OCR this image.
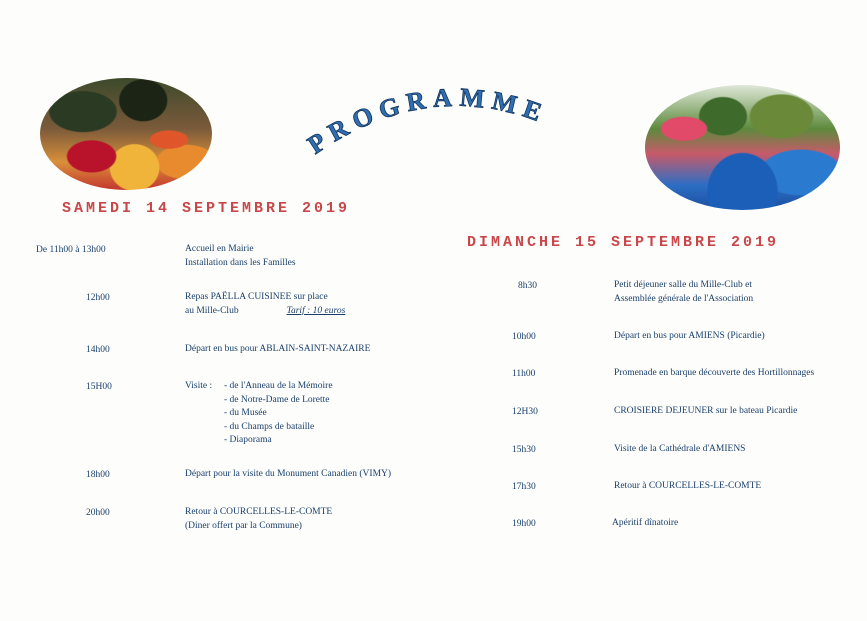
PROGRAMME
SAMEDI 14 SEPTEMBRE 2019
De 11h00 à 13h00	Accueil en Mairie
Installation dans les Familles
12h00	Repas PAËLLA CUISINEE sur place
au Mille-Club	Tarif : 10 euros
14h00	Départ en bus pour ABLAIN-SAINT-NAZAIRE
15H00	Visite : - de l'Anneau de la Mémoire
- de Notre-Dame de Lorette
- du Musée
- du Champs de bataille
- Diaporama
18h00	Départ pour la visite du Monument Canadien (VIMY)
20h00	Retour à COURCELLES-LE-COMTE
(Diner offert par la Commune)
DIMANCHE 15 SEPTEMBRE 2019
8h30	Petit déjeuner salle du Mille-Club et
Assemblée générale de l'Association
10h00	Départ en bus pour AMIENS (Picardie)
11h00	Promenade en barque découverte des Hortillonnages
12H30	CROISIERE DEJEUNER sur le bateau Picardie
15h30	Visite de la Cathédrale d'AMIENS
17h30	Retour à COURCELLES-LE-COMTE
19h00	Apéritif dînatoire
